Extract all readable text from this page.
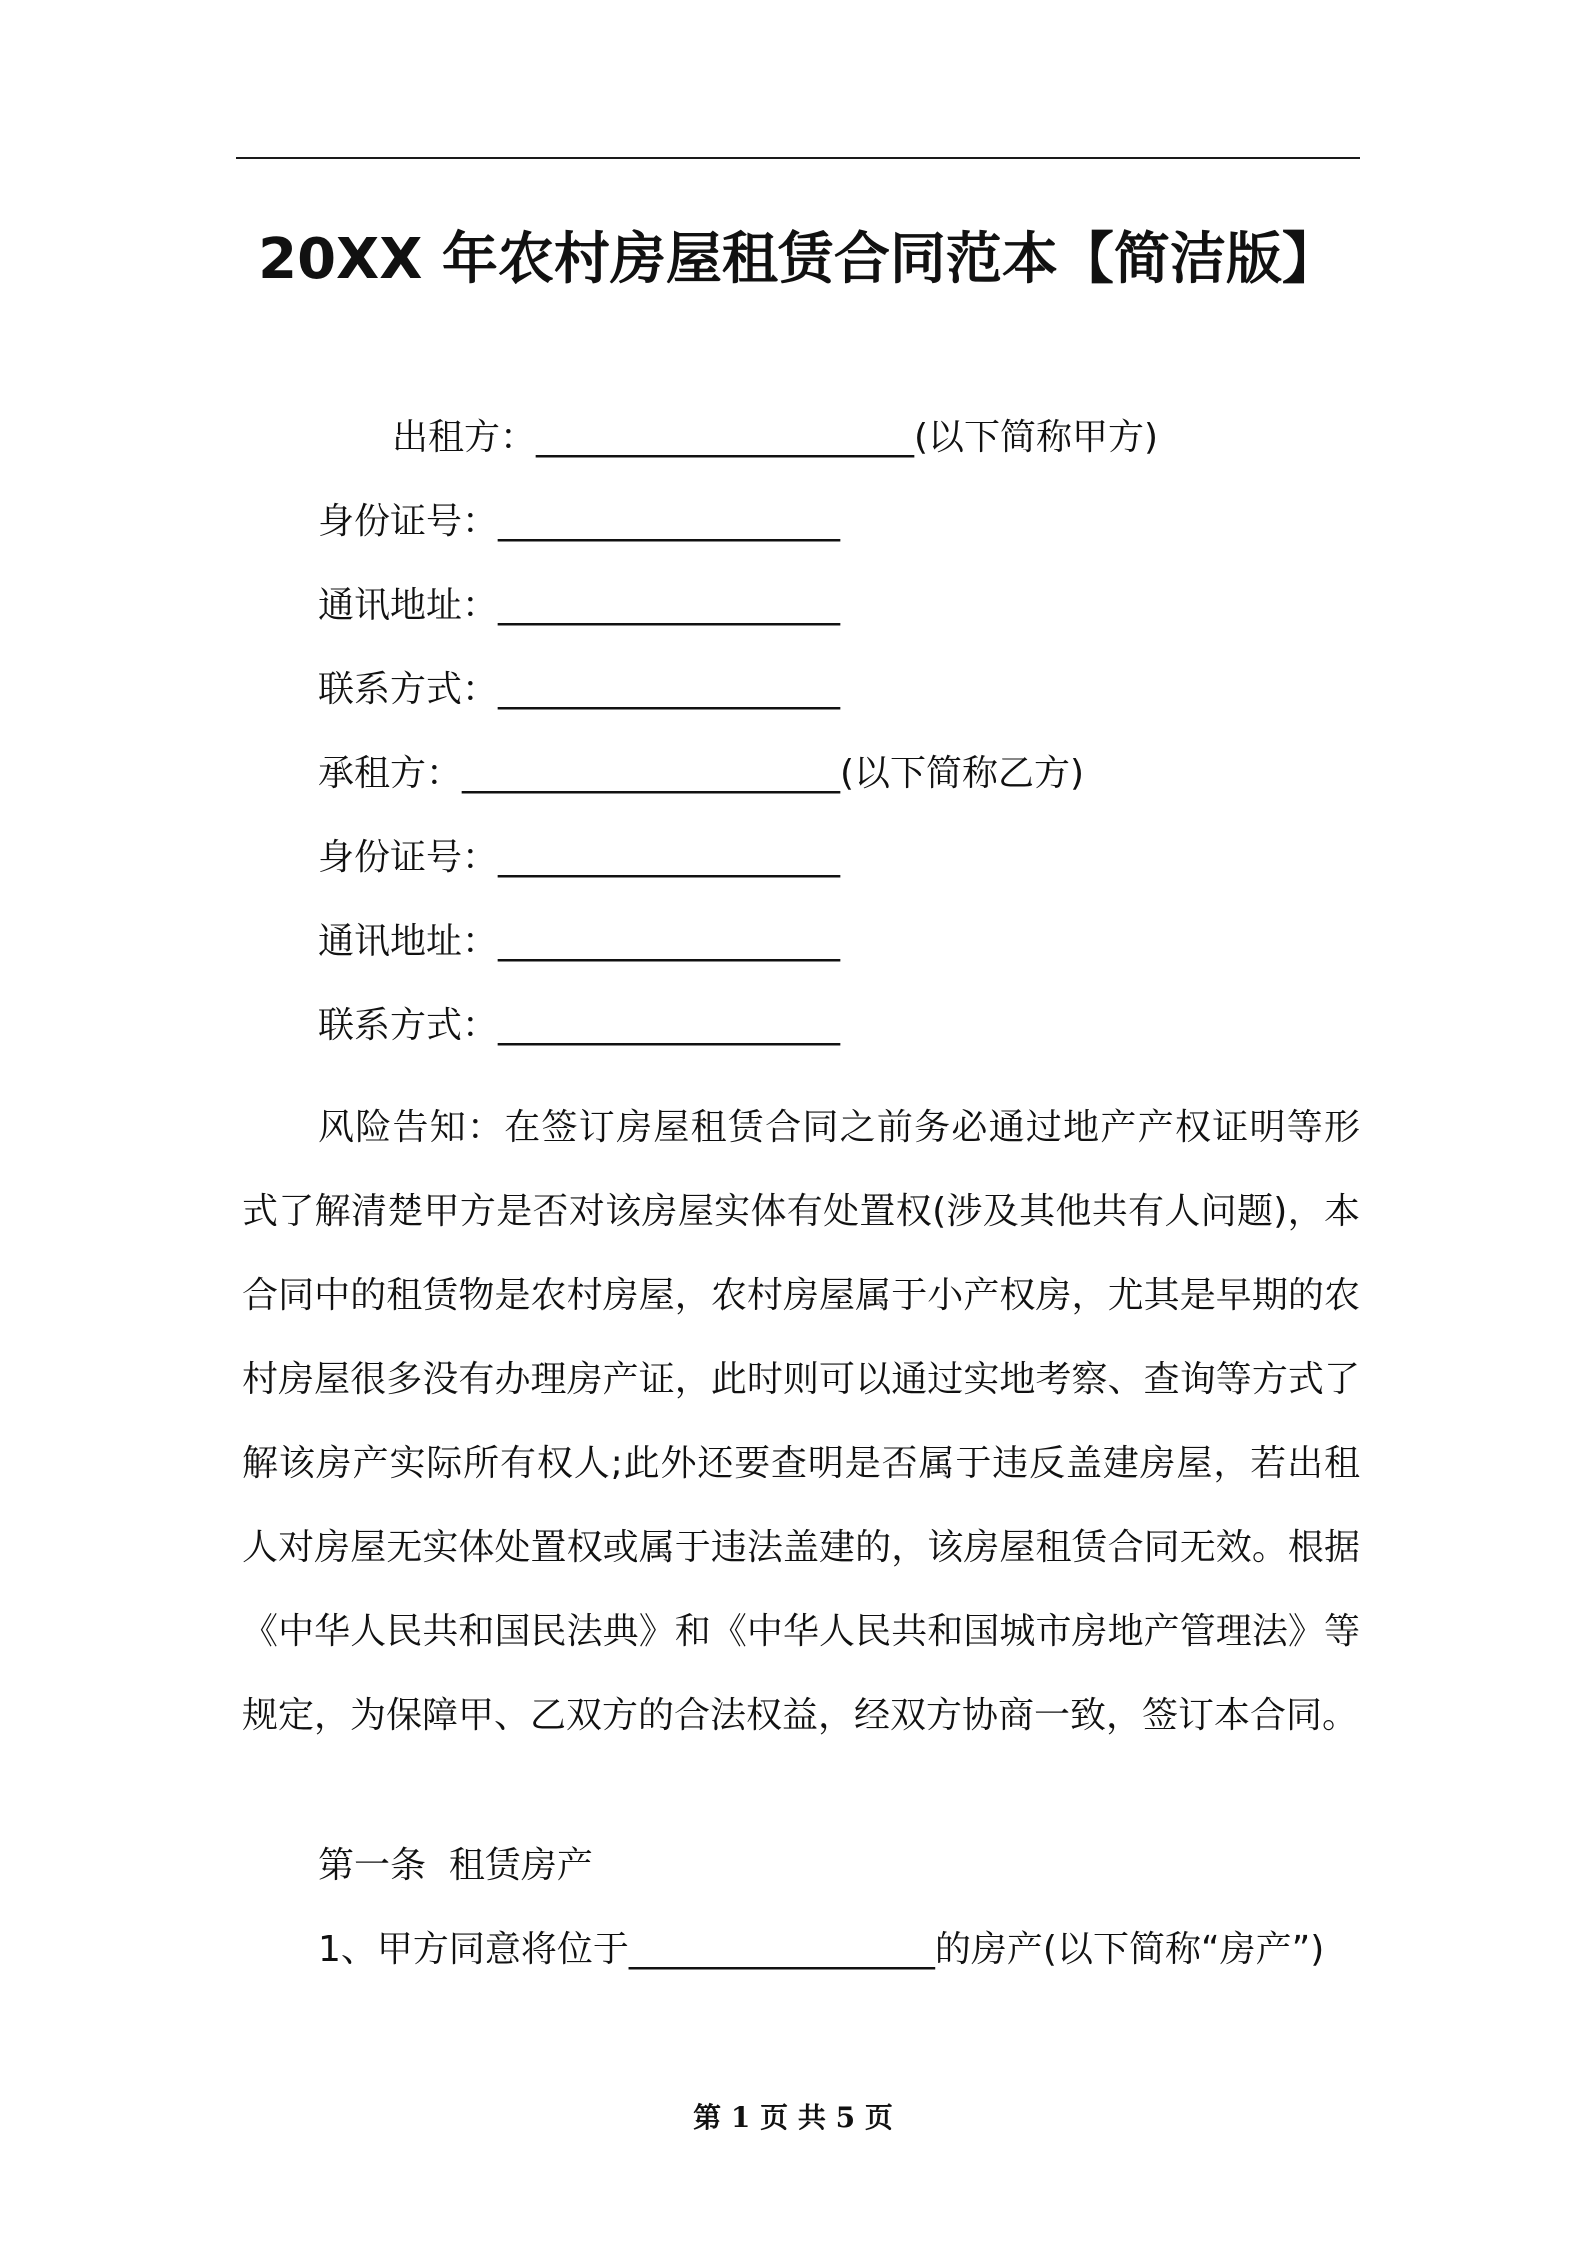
20XX 年农村房屋租赁合同范本【简洁版】
出租方：_____________________(以下简称甲方)
身份证号：___________________
通讯地址：___________________
联系方式：___________________
承租方：_____________________(以下简称乙方)
身份证号：___________________
通讯地址：___________________
联系方式：___________________

风险告知：在签订房屋租赁合同之前务必通过地产产权证明等形式了解清楚甲方是否对该房屋实体有处置权(涉及其他共有人问题)，本合同中的租赁物是农村房屋，农村房屋属于小产权房，尤其是早期的农村房屋很多没有办理房产证，此时则可以通过实地考察、查询等方式了解该房产实际所有权人;此外还要查明是否属于违反盖建房屋，若出租人对房屋无实体处置权或属于违法盖建的，该房屋租赁合同无效。根据《中华人民共和国民法典》和《中华人民共和国城市房地产管理法》等规定，为保障甲、乙双方的合法权益，经双方协商一致，签订本合同。

第一条  租赁房产
1、甲方同意将位于_________________的房产(以下简称“房产”)
第 1 页 共 5 页
